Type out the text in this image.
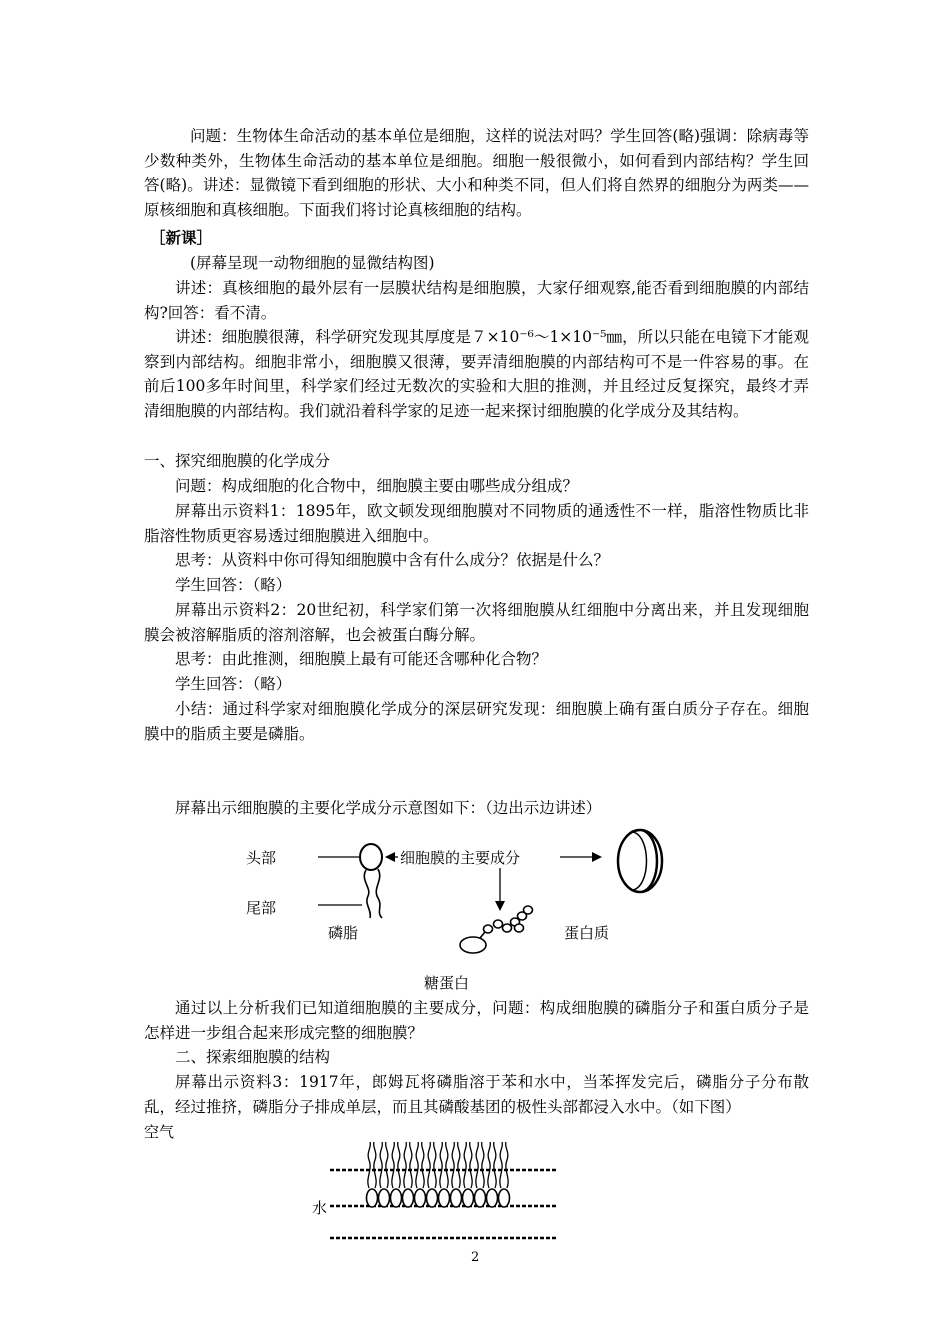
问题：生物体生命活动的基本单位是细胞，这样的说法对吗？学生回答(略)强调：除病毒等少数种类外，生物体生命活动的基本单位是细胞。细胞一般很微小，如何看到内部结构？学生回答(略)。讲述：显微镜下看到细胞的形状、大小和种类不同，但人们将自然界的细胞分为两类——原核细胞和真核细胞。下面我们将讨论真核细胞的结构。

［新课］

(屏幕呈现一动物细胞的显微结构图)

讲述：真核细胞的最外层有一层膜状结构是细胞膜，大家仔细观察,能否看到细胞膜的内部结构?回答：看不清。

讲述：细胞膜很薄，科学研究发现其厚度是７×10⁻⁶～1×10⁻⁵㎜，所以只能在电镜下才能观察到内部结构。细胞非常小，细胞膜又很薄，要弄清细胞膜的内部结构可不是一件容易的事。在前后100多年时间里，科学家们经过无数次的实验和大胆的推测，并且经过反复探究，最终才弄清细胞膜的内部结构。我们就沿着科学家的足迹一起来探讨细胞膜的化学成分及其结构。

一、探究细胞膜的化学成分

问题：构成细胞的化合物中，细胞膜主要由哪些成分组成？

屏幕出示资料1：1895年，欧文顿发现细胞膜对不同物质的通透性不一样，脂溶性物质比非脂溶性物质更容易透过细胞膜进入细胞中。

思考：从资料中你可得知细胞膜中含有什么成分？依据是什么？

学生回答：（略）

屏幕出示资料2：20世纪初，科学家们第一次将细胞膜从红细胞中分离出来，并且发现细胞膜会被溶解脂质的溶剂溶解，也会被蛋白酶分解。

思考：由此推测，细胞膜上最有可能还含哪种化合物？

学生回答：（略）

小结：通过科学家对细胞膜化学成分的深层研究发现：细胞膜上确有蛋白质分子存在。细胞膜中的脂质主要是磷脂。

屏幕出示细胞膜的主要化学成分示意图如下：（边出示边讲述）

头部
尾部
细胞膜的主要成分
磷脂	蛋白质
糖蛋白

通过以上分析我们已知道细胞膜的主要成分，问题：构成细胞膜的磷脂分子和蛋白质分子是怎样进一步组合起来形成完整的细胞膜？

二、探索细胞膜的结构

屏幕出示资料3：1917年，郎姆瓦将磷脂溶于苯和水中，当苯挥发完后，磷脂分子分布散乱，经过推挤，磷脂分子排成单层，而且其磷酸基团的极性头部都浸入水中。（如下图）

空气
水
2
